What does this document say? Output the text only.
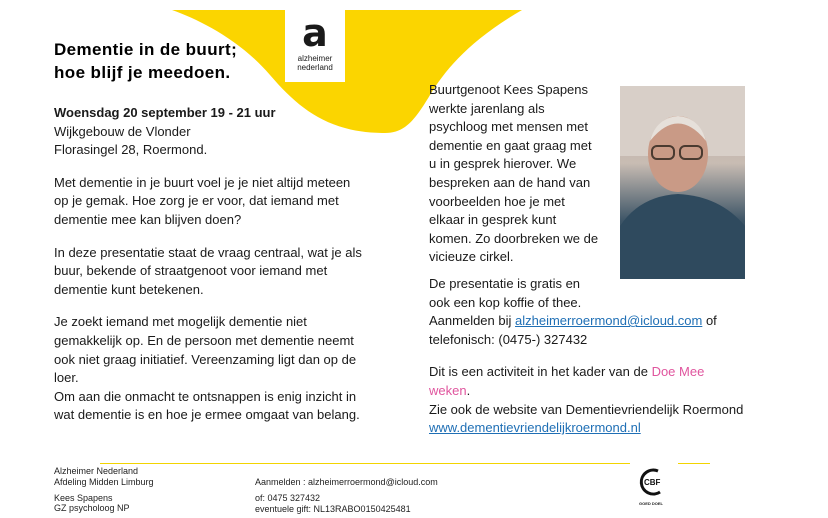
a
alzheimer
nederland
Dementie in de buurt;
hoe blijf je meedoen.
Woensdag 20 september 19 - 21 uur
Wijkgebouw de Vlonder
Florasingel 28, Roermond.
Met dementie in je buurt voel je je niet altijd meteen
op je gemak. Hoe zorg je er voor, dat iemand met
dementie mee kan blijven doen?
In deze presentatie staat de vraag centraal, wat je als
buur, bekende of straatgenoot voor iemand met
dementie kunt betekenen.
Je zoekt iemand met mogelijk dementie niet
gemakkelijk op. En de persoon met dementie neemt
ook niet graag initiatief. Vereenzaming ligt dan op de
loer.
Om aan die onmacht te ontsnappen is enig inzicht in
wat dementie is en hoe je ermee omgaat van belang.
Buurtgenoot Kees Spapens
werkte jarenlang als
psychloog met mensen met
dementie en gaat graag met
u in gesprek hierover. We
bespreken aan de hand van
voorbeelden hoe je met
elkaar in gesprek kunt
komen. Zo doorbreken we de
vicieuze cirkel.
De presentatie is gratis en
ook een kop koffie of thee.
Aanmelden bij alzheimerroermond@icloud.com of
telefonisch: (0475-) 327432
Dit is een activiteit in het kader van de Doe Mee
weken.
Zie ook de website van Dementievriendelijk Roermond
www.dementievriendelijkroermond.nl
Alzheimer Nederland
Afdeling Midden Limburg
Kees Spapens
GZ psycholoog NP
Aanmelden : alzheimerroermond@icloud.com
of: 0475 327432
eventuele gift: NL13RABO0150425481
CBF
GOED DOEL
